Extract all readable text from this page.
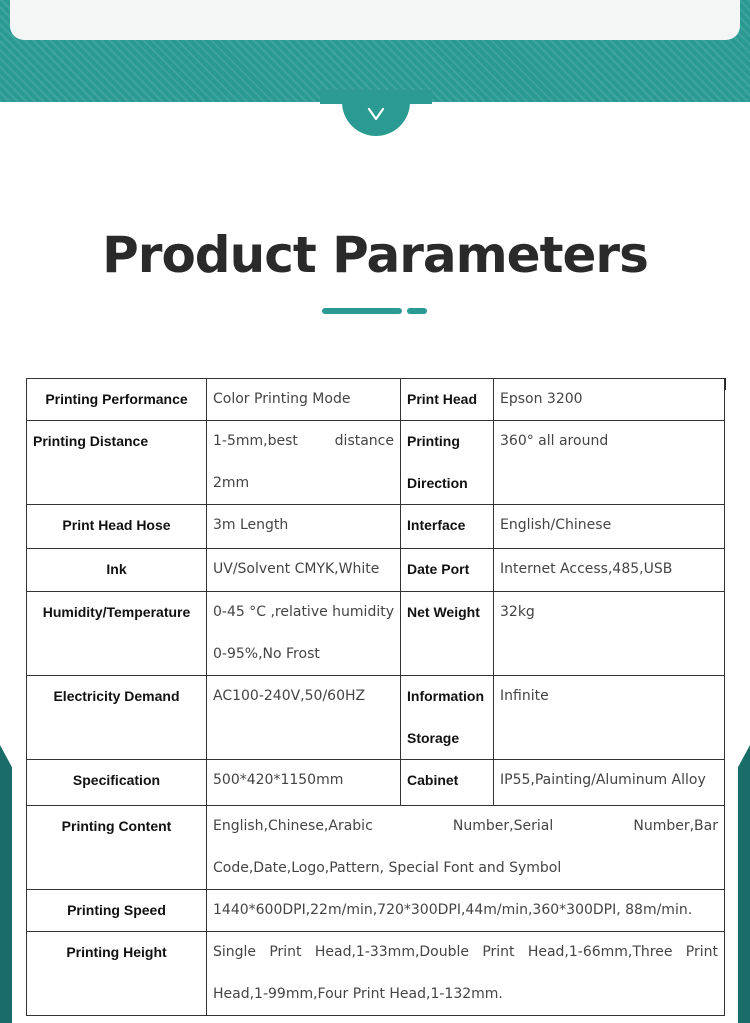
Product Parameters
Printing Performance	Color Printing Mode	Print Head	Epson 3200

Printing Distance	1-5mm,best distance 2mm	Printing Direction	360° all around

Print Head Hose	3m Length	Interface	English/Chinese

Ink	UV/Solvent CMYK,White	Date Port	Internet Access,485,USB

Humidity/Temperature	0-45 °C ,relative humidity 0-95%,No Frost	Net Weight	32kg

Electricity Demand	AC100-240V,50/60HZ	Information Storage	Infinite

Specification	500*420*1150mm	Cabinet	IP55,Painting/Aluminum Alloy

Printing Content	English,Chinese,Arabic Number,Serial Number,Bar Code,Date,Logo,Pattern, Special Font and Symbol		

Printing Speed	1440*600DPI,22m/min,720*300DPI,44m/min,360*300DPI, 88m/min.		

Printing Height	Single Print Head,1-33mm,Double Print Head,1-66mm,Three Print Head,1-99mm,Four Print Head,1-132mm.		
